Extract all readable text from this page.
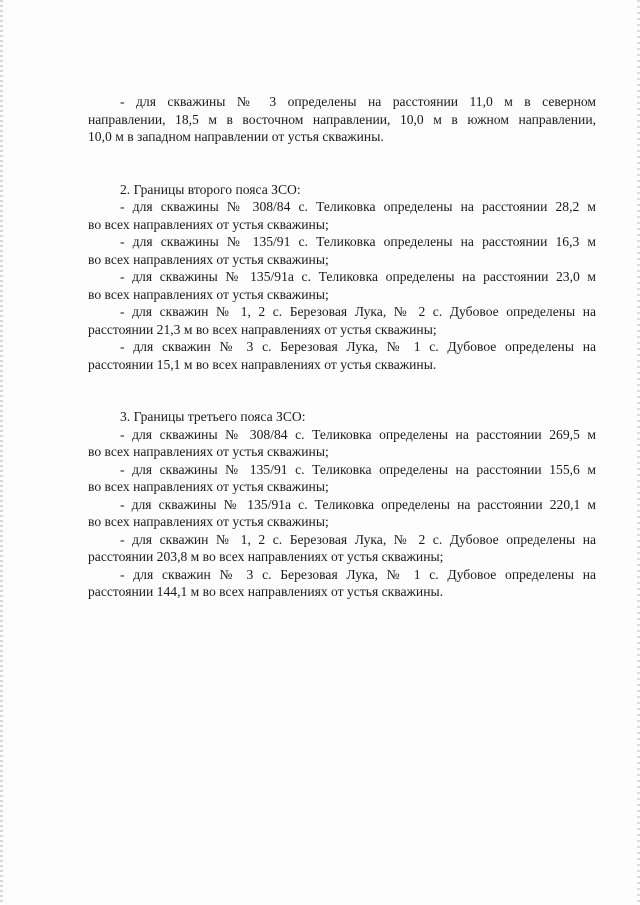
- для скважины № 3 определены на расстоянии 11,0 м в северном

направлении, 18,5 м в восточном направлении, 10,0 м в южном направлении,

10,0 м в западном направлении от устья скважины.

2. Границы второго пояса ЗСО:

- для скважины № 308/84 с. Теликовка определены на расстоянии 28,2 м

во всех направлениях от устья скважины;

- для скважины № 135/91 с. Теликовка определены на расстоянии 16,3 м

во всех направлениях от устья скважины;

- для скважины № 135/91а с. Теликовка определены на расстоянии 23,0 м

во всех направлениях от устья скважины;

- для скважин № 1, 2 с. Березовая Лука, № 2 с. Дубовое определены на

расстоянии 21,3 м во всех направлениях от устья скважины;

- для скважин № 3 с. Березовая Лука, № 1 с. Дубовое определены на

расстоянии 15,1 м во всех направлениях от устья скважины.

3. Границы третьего пояса ЗСО:

- для скважины № 308/84 с. Теликовка определены на расстоянии 269,5 м

во всех направлениях от устья скважины;

- для скважины № 135/91 с. Теликовка определены на расстоянии 155,6 м

во всех направлениях от устья скважины;

- для скважины № 135/91а с. Теликовка определены на расстоянии 220,1 м

во всех направлениях от устья скважины;

- для скважин № 1, 2 с. Березовая Лука, № 2 с. Дубовое определены на

расстоянии 203,8 м во всех направлениях от устья скважины;

- для скважин № 3 с. Березовая Лука, № 1 с. Дубовое определены на

расстоянии 144,1 м во всех направлениях от устья скважины.
